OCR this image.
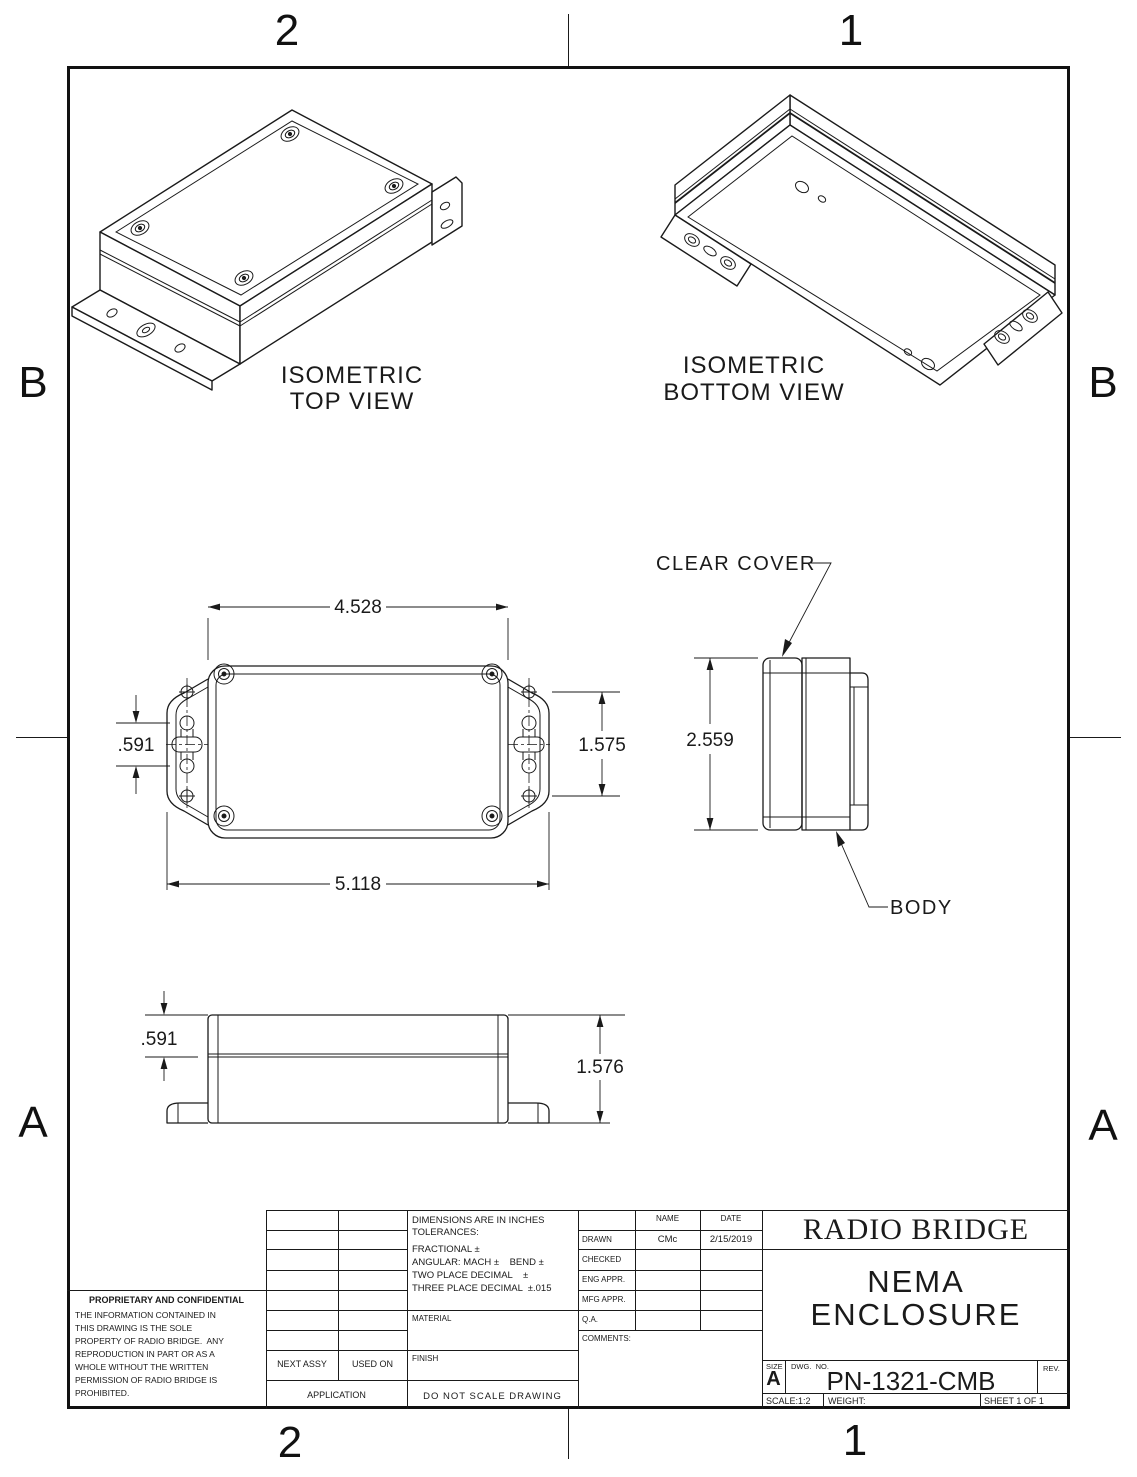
2	1
2	1
B
A
B
A
ISOMETRIC
TOP VIEW
ISOMETRIC
BOTTOM VIEW
4.528
5.118
.591	1.575	2.559
CLEAR COVER
BODY
.591
1.576
PROPRIETARY AND CONFIDENTIAL
THE INFORMATION CONTAINED IN
THIS DRAWING IS THE SOLE
PROPERTY OF RADIO BRIDGE.  ANY
REPRODUCTION IN PART OR AS A
WHOLE WITHOUT THE WRITTEN
PERMISSION OF RADIO BRIDGE IS
PROHIBITED.
NEXT ASSY	USED ON
APPLICATION
DIMENSIONS ARE IN INCHES
TOLERANCES:
FRACTIONAL ±
ANGULAR: MACH ±    BEND ±
TWO PLACE DECIMAL    ±
THREE PLACE DECIMAL  ±.015
MATERIAL
FINISH
DO NOT SCALE DRAWING
NAME	DATE
DRAWN	CMc	2/15/2019
CHECKED
ENG APPR.
MFG APPR.
Q.A.
COMMENTS:
RADIO BRIDGE
NEMA
ENCLOSURE
SIZE
A
DWG.  NO.
PN-1321-CMB	REV.
SCALE:1:2 WEIGHT:	SHEET 1 OF 1
